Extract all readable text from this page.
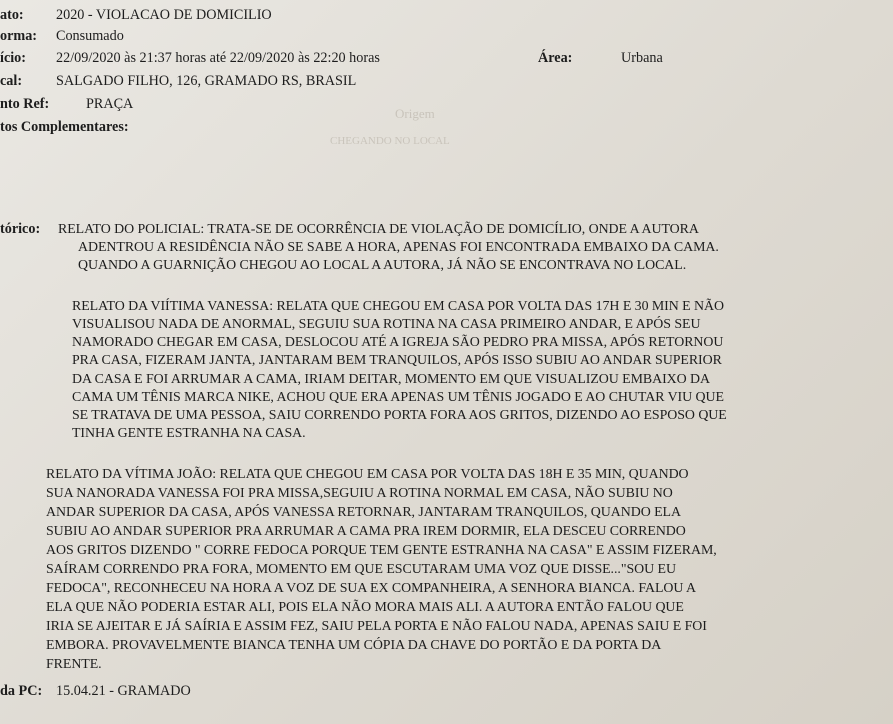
Origem
CHEGANDO NO LOCAL
ato: 2020 - VIOLACAO DE DOMICILIO
orma: Consumado
ício: 22/09/2020 às 21:37 horas até 22/09/2020 às 22:20 horas	Área:	Urbana
cal: SALGADO FILHO, 126, GRAMADO RS, BRASIL
nto Ref:	PRAÇA
tos Complementares:
tórico: RELATO DO POLICIAL: TRATA-SE DE OCORRÊNCIA DE VIOLAÇÃO DE DOMICÍLIO, ONDE A AUTORA
ADENTROU A RESIDÊNCIA NÃO SE SABE A HORA, APENAS FOI ENCONTRADA EMBAIXO DA CAMA.
QUANDO A GUARNIÇÃO CHEGOU AO LOCAL A AUTORA, JÁ NÃO SE ENCONTRAVA NO LOCAL.
RELATO DA VIÍTIMA VANESSA: RELATA QUE CHEGOU EM CASA POR VOLTA DAS 17H E 30 MIN E NÃO
VISUALISOU NADA DE ANORMAL, SEGUIU SUA ROTINA NA CASA PRIMEIRO ANDAR, E APÓS SEU
NAMORADO CHEGAR EM CASA, DESLOCOU ATÉ A IGREJA SÃO PEDRO PRA MISSA, APÓS RETORNOU
PRA CASA, FIZERAM JANTA, JANTARAM BEM TRANQUILOS, APÓS ISSO SUBIU AO ANDAR SUPERIOR
DA CASA E FOI ARRUMAR A CAMA, IRIAM DEITAR, MOMENTO EM QUE VISUALIZOU EMBAIXO DA
CAMA UM TÊNIS MARCA NIKE, ACHOU QUE ERA APENAS UM TÊNIS JOGADO E AO CHUTAR VIU QUE
SE TRATAVA DE UMA PESSOA, SAIU CORRENDO PORTA FORA AOS GRITOS, DIZENDO AO ESPOSO QUE
TINHA GENTE ESTRANHA NA CASA.
RELATO DA VÍTIMA JOÃO: RELATA QUE CHEGOU EM CASA POR VOLTA DAS 18H E 35 MIN, QUANDO
SUA NANORADA VANESSA FOI PRA MISSA,SEGUIU A ROTINA NORMAL EM CASA, NÃO SUBIU NO
ANDAR SUPERIOR DA CASA, APÓS VANESSA RETORNAR, JANTARAM TRANQUILOS, QUANDO ELA
SUBIU AO ANDAR SUPERIOR PRA ARRUMAR A CAMA PRA IREM DORMIR, ELA DESCEU CORRENDO
AOS GRITOS DIZENDO " CORRE FEDOCA PORQUE TEM GENTE ESTRANHA NA CASA" E ASSIM FIZERAM,
SAÍRAM CORRENDO PRA FORA, MOMENTO EM QUE ESCUTARAM UMA VOZ QUE DISSE..."SOU EU
FEDOCA", RECONHECEU NA HORA A VOZ DE SUA EX COMPANHEIRA, A SENHORA BIANCA. FALOU A
ELA QUE NÃO PODERIA ESTAR ALI, POIS ELA NÃO MORA MAIS ALI. A AUTORA ENTÃO FALOU QUE
IRIA SE AJEITAR E JÁ SAÍRIA E ASSIM FEZ, SAIU PELA PORTA E NÃO FALOU NADA, APENAS SAIU E FOI
EMBORA. PROVAVELMENTE BIANCA TENHA UM CÓPIA DA CHAVE DO PORTÃO E DA PORTA DA
FRENTE.
da PC: 15.04.21 - GRAMADO
